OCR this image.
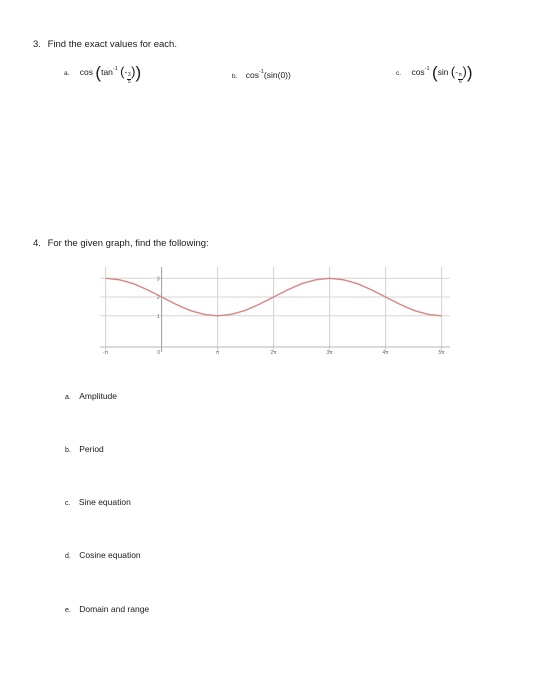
3. Find the exact values for each.
a. $\cos (\tan^{-1}$ (-
$\frac{3}{5}$ ))	b. $\cos^{-1}(\sin(0))$	c. $\cos^{-1} (\sin$ (-
$\frac{\pi}{6}$ ))
4. For the given graph, find the following:
-π	0	π	2π	3π	4π	5π
3
2
1
a. Amplitude
b. Period
c. Sine equation
d. Cosine equation
e. Domain and range
